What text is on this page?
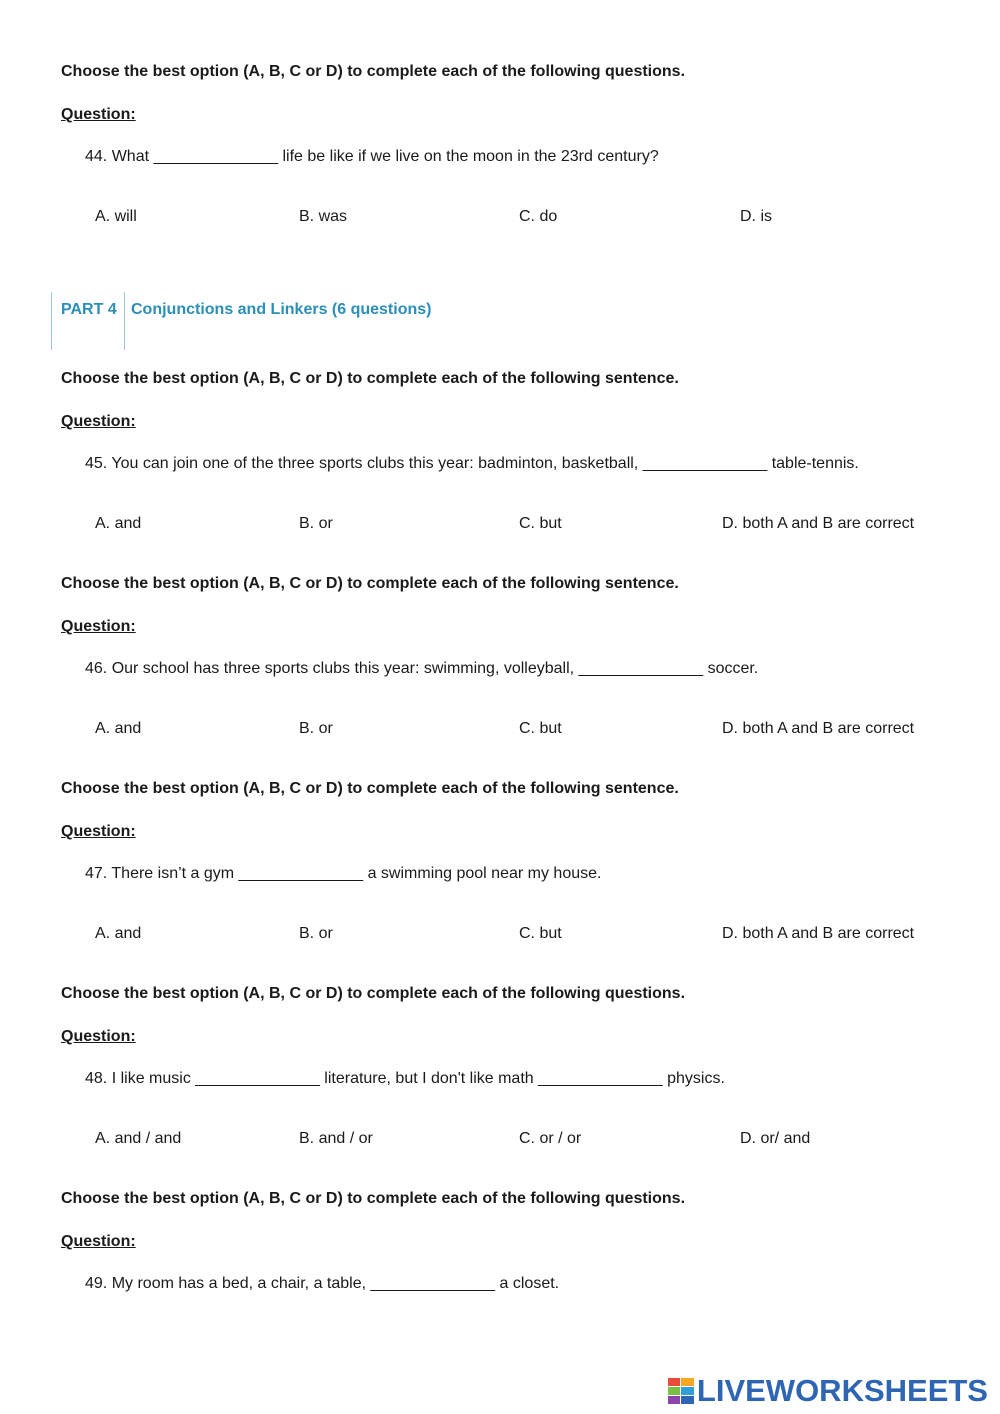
Choose the best option (A, B, C or D) to complete each of the following questions.
Question:
44. What ______________ life be like if we live on the moon in the 23rd century?
A. will	B. was	C. do	D. is
PART 4 Conjunctions and Linkers (6 questions)
Choose the best option (A, B, C or D) to complete each of the following sentence.
Question:
45. You can join one of the three sports clubs this year: badminton, basketball, ______________ table-tennis.
A. and	B. or	C. but	D. both A and B are correct
Choose the best option (A, B, C or D) to complete each of the following sentence.
Question:
46. Our school has three sports clubs this year: swimming, volleyball, ______________ soccer.
A. and	B. or	C. but	D. both A and B are correct
Choose the best option (A, B, C or D) to complete each of the following sentence.
Question:
47. There isn’t a gym ______________ a swimming pool near my house.
A. and	B. or	C. but	D. both A and B are correct
Choose the best option (A, B, C or D) to complete each of the following questions.
Question:
48. I like music ______________ literature, but I don't like math ______________ physics.
A. and / and	B. and / or	C. or / or	D. or/ and
Choose the best option (A, B, C or D) to complete each of the following questions.
Question:
49. My room has a bed, a chair, a table, ______________ a closet.
LIVEWORKSHEETS
